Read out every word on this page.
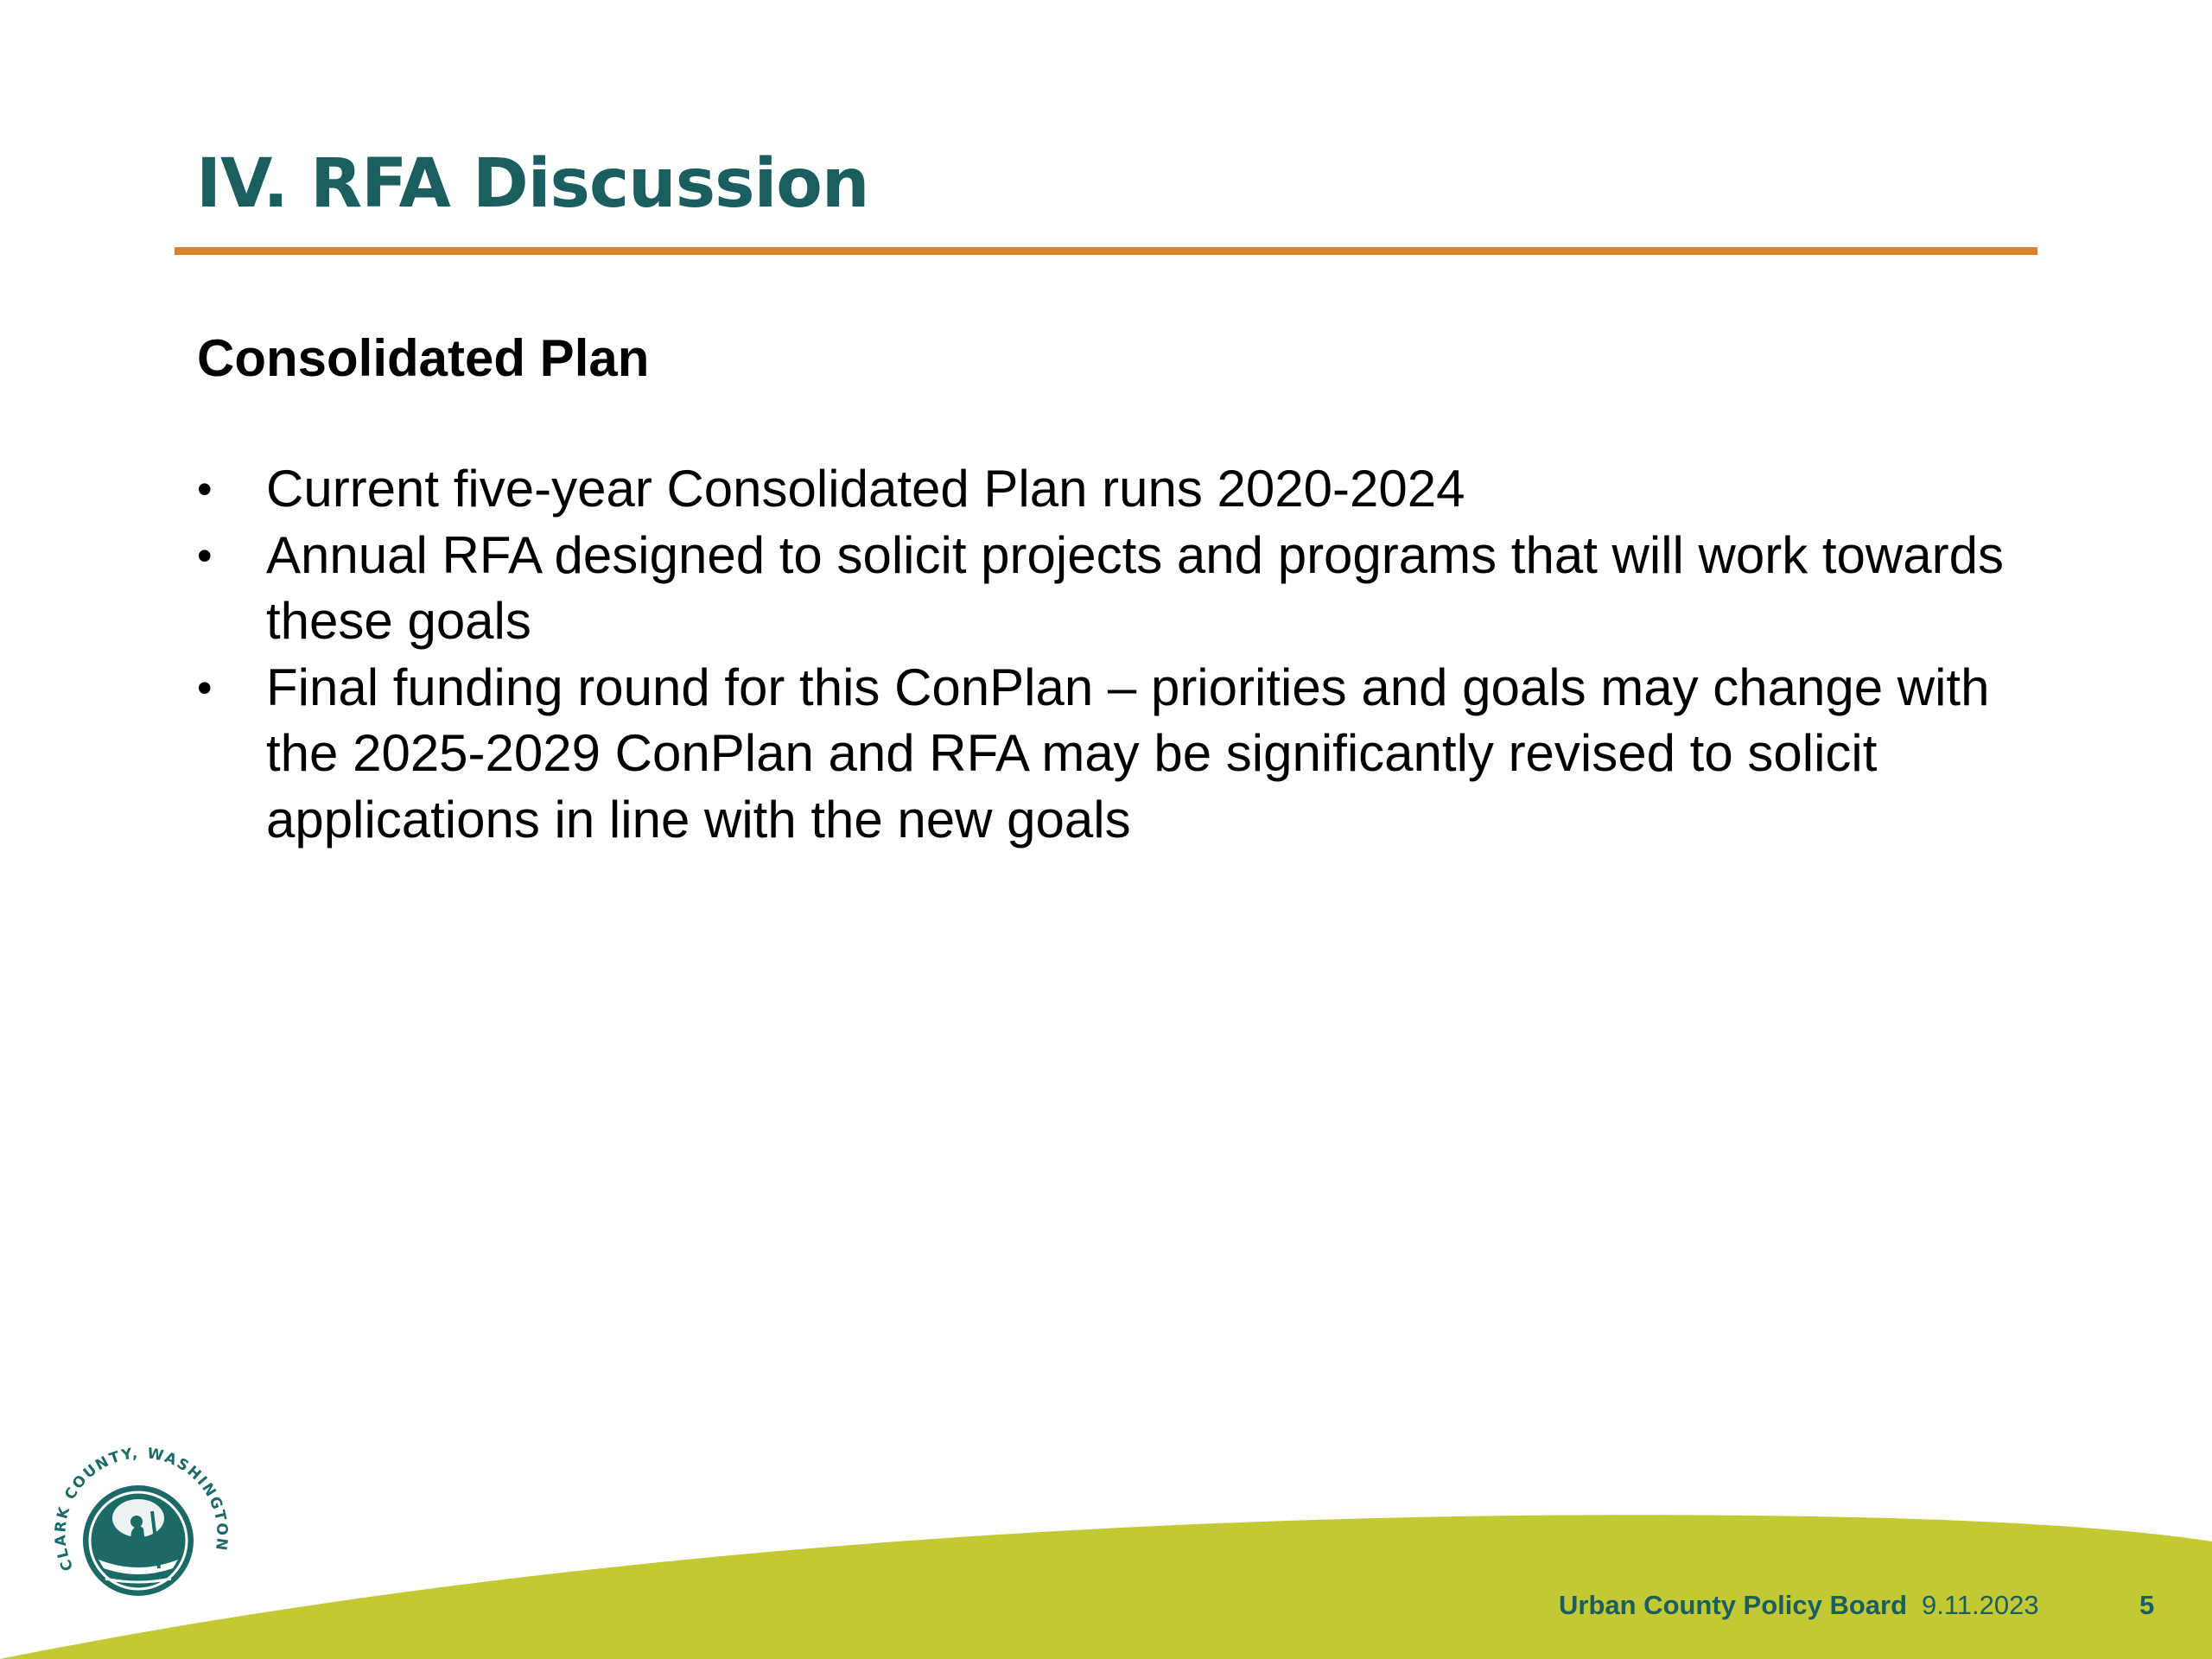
IV. RFA Discussion
Consolidated Plan
• Current five-year Consolidated Plan runs 2020-2024
• Annual RFA designed to solicit projects and programs that will work towards these goals
• Final funding round for this ConPlan – priorities and goals may change with the 2025-2029 ConPlan and RFA may be significantly revised to solicit applications in line with the new goals
CLARK COUNTY, WASHINGTON
Urban County Policy Board 9.11.2023	5
